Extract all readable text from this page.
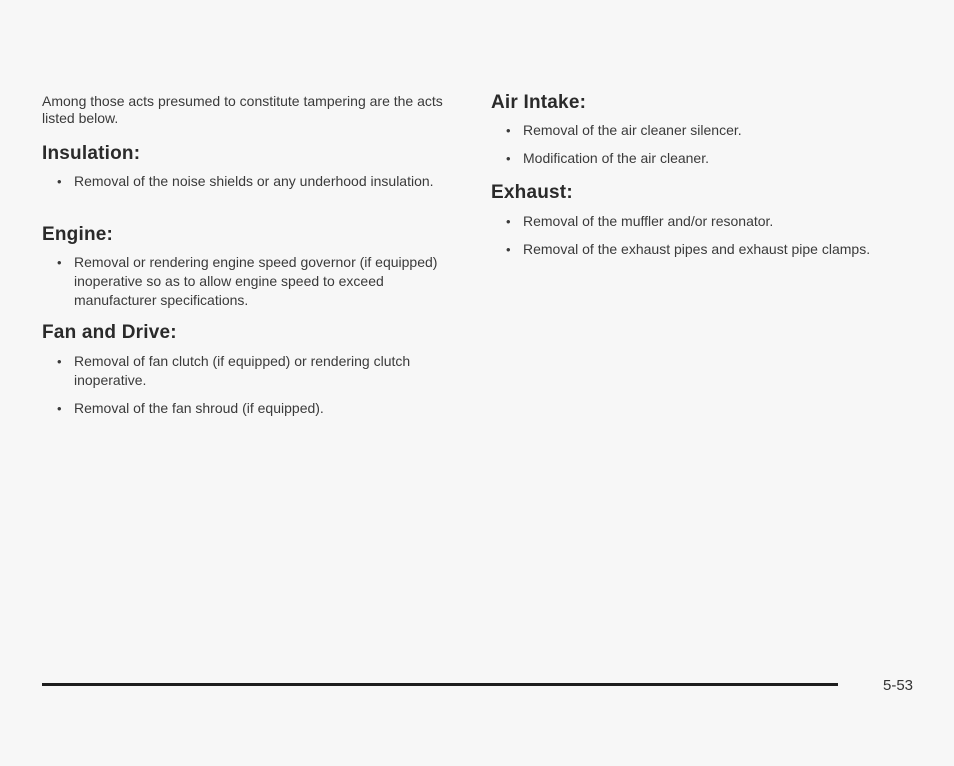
Among those acts presumed to constitute tampering are the acts listed below.

Insulation:
• Removal of the noise shields or any underhood insulation.
Engine:
• Removal or rendering engine speed governor (if equipped) inoperative so as to allow engine speed to exceed manufacturer specifications.
Fan and Drive:
• Removal of fan clutch (if equipped) or rendering clutch inoperative.
• Removal of the fan shroud (if equipped).
Air Intake:
• Removal of the air cleaner silencer.
• Modification of the air cleaner.
Exhaust:
• Removal of the muffler and/or resonator.
• Removal of the exhaust pipes and exhaust pipe clamps.
5-53
